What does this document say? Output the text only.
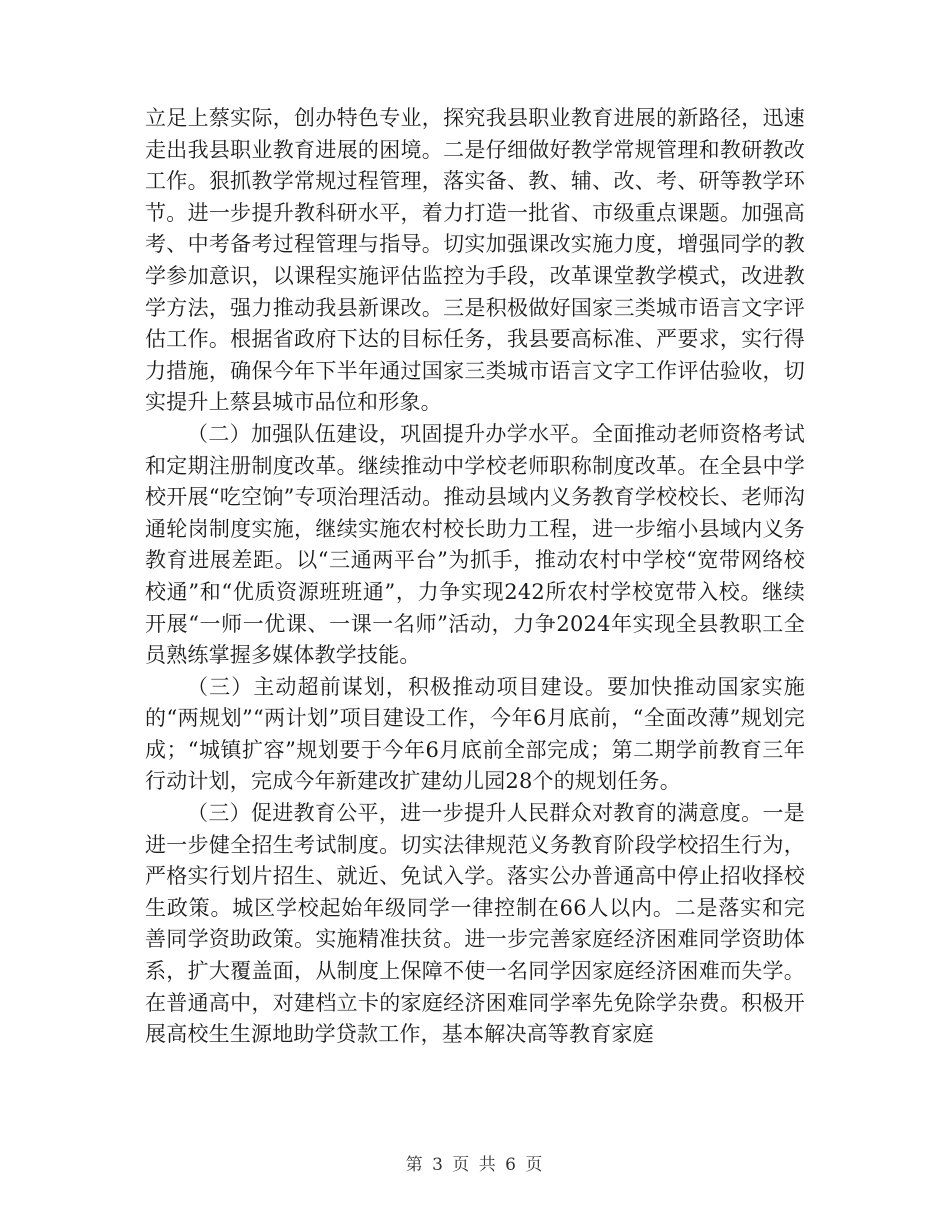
立足上蔡实际，创办特色专业，探究我县职业教育进展的新路径，迅速走出我县职业教育进展的困境。二是仔细做好教学常规管理和教研教改工作。狠抓教学常规过程管理，落实备、教、辅、改、考、研等教学环节。进一步提升教科研水平，着力打造一批省、市级重点课题。加强高考、中考备考过程管理与指导。切实加强课改实施力度，增强同学的教学参加意识，以课程实施评估监控为手段，改革课堂教学模式，改进教学方法，强力推动我县新课改。三是积极做好国家三类城市语言文字评估工作。根据省政府下达的目标任务，我县要高标准、严要求，实行得力措施，确保今年下半年通过国家三类城市语言文字工作评估验收，切实提升上蔡县城市品位和形象。

（二）加强队伍建设，巩固提升办学水平。全面推动老师资格考试和定期注册制度改革。继续推动中学校老师职称制度改革。在全县中学校开展“吃空饷”专项治理活动。推动县域内义务教育学校校长、老师沟通轮岗制度实施，继续实施农村校长助力工程，进一步缩小县域内义务教育进展差距。以“三通两平台”为抓手，推动农村中学校“宽带网络校校通”和“优质资源班班通”，力争实现242所农村学校宽带入校。继续开展“一师一优课、一课一名师”活动，力争2024年实现全县教职工全员熟练掌握多媒体教学技能。

（三）主动超前谋划，积极推动项目建设。要加快推动国家实施的“两规划”“两计划”项目建设工作，今年6月底前，“全面改薄”规划完成；“城镇扩容”规划要于今年6月底前全部完成；第二期学前教育三年行动计划，完成今年新建改扩建幼儿园28个的规划任务。

（三）促进教育公平，进一步提升人民群众对教育的满意度。一是进一步健全招生考试制度。切实法律规范义务教育阶段学校招生行为，严格实行划片招生、就近、免试入学。落实公办普通高中停止招收择校生政策。城区学校起始年级同学一律控制在66人以内。二是落实和完善同学资助政策。实施精准扶贫。进一步完善家庭经济困难同学资助体系，扩大覆盖面，从制度上保障不使一名同学因家庭经济困难而失学。在普通高中，对建档立卡的家庭经济困难同学率先免除学杂费。积极开展高校生生源地助学贷款工作，基本解决高等教育家庭

第 3 页 共 6 页
